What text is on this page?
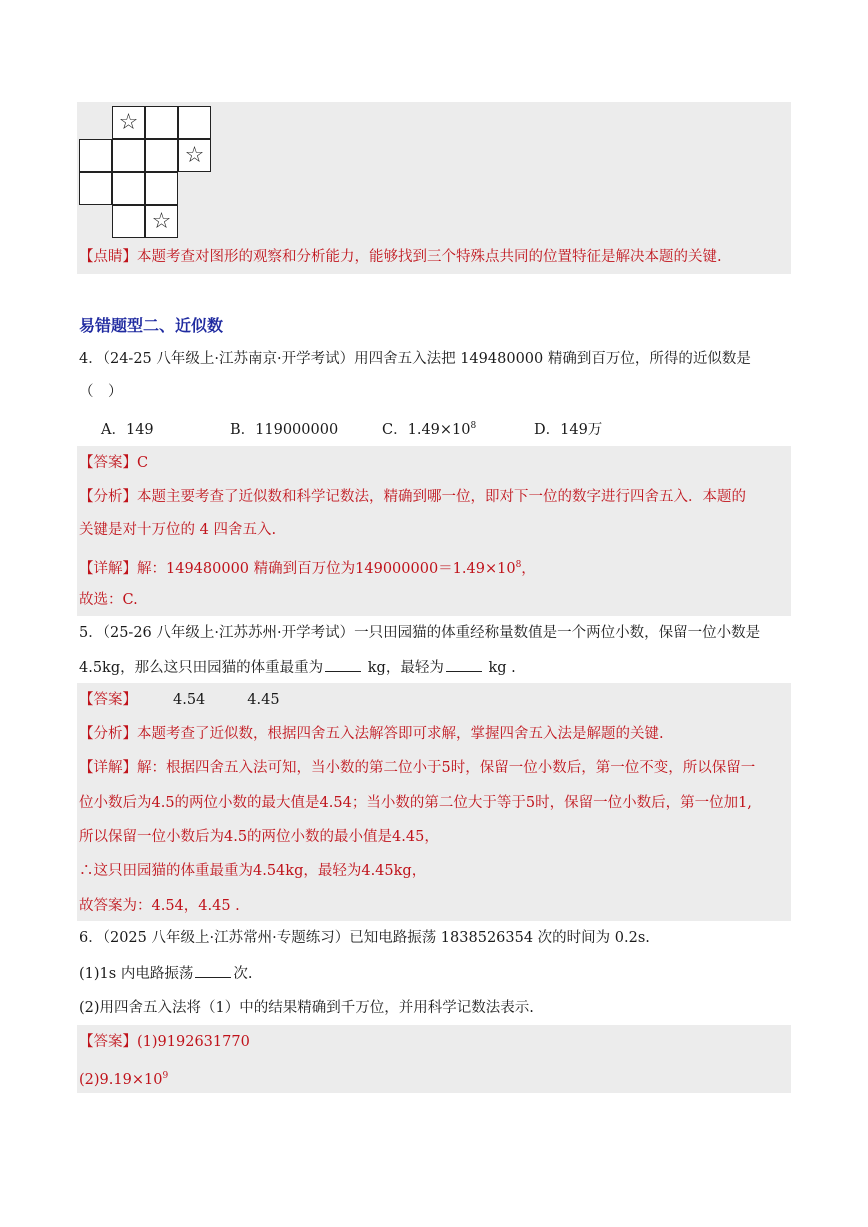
☆
☆
☆
【点睛】本题考查对图形的观察和分析能力，能够找到三个特殊点共同的位置特征是解决本题的关键.
易错题型二、近似数
4．（24-25 八年级上·江苏南京·开学考试）用四舍五入法把 149480000 精确到百万位，所得的近似数是
（　）
A．149	B．119000000	C．$1.49\times 10^8$	D．149万
【答案】C
【分析】本题主要考查了近似数和科学记数法，精确到哪一位，即对下一位的数字进行四舍五入．本题的
关键是对十万位的 4 四舍五入.
【详解】解：149480000 精确到百万位为$149000000=1.49\times 10^8$，
故选：C.
5．（25-26 八年级上·江苏苏州·开学考试）一只田园猫的体重经称量数值是一个两位小数，保留一位小数是
4.5kg，那么这只田园猫的体重最重为	kg，最轻为	kg .
【答案】 4.54	4.45
【分析】本题考查了近似数，根据四舍五入法解答即可求解，掌握四舍五入法是解题的关键.
【详解】解：根据四舍五入法可知，当小数的第二位小于5时，保留一位小数后，第一位不变，所以保留一
位小数后为4.5的两位小数的最大值是4.54；当小数的第二位大于等于5时，保留一位小数后，第一位加1,
所以保留一位小数后为4.5的两位小数的最小值是4.45，
∴这只田园猫的体重最重为4.54kg，最轻为4.45kg，
故答案为：4.54，4.45 .
6．（2025 八年级上·江苏常州·专题练习）已知电路振荡 1838526354 次的时间为 0.2s.
(1)1s 内电路振荡	次.
(2)用四舍五入法将（1）中的结果精确到千万位，并用科学记数法表示.
【答案】(1)9192631770
$(2)9.19\times 10^9$
